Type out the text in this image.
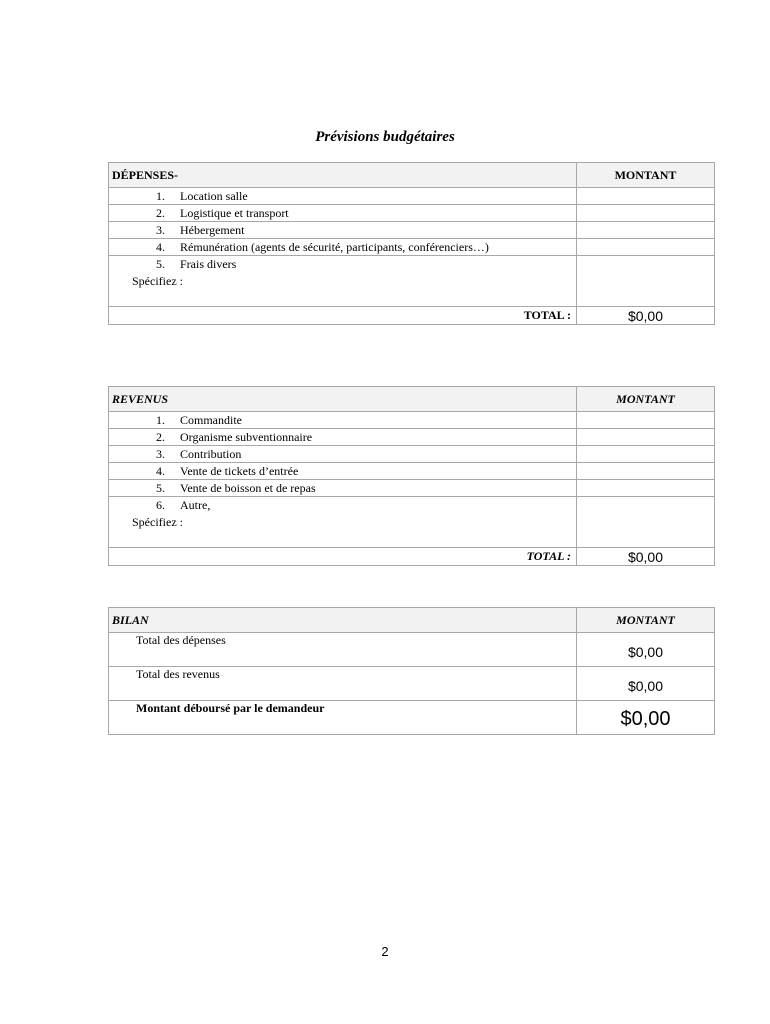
Prévisions budgétaires
DÉPENSES-	MONTANT
1. Location salle	
2. Logistique et transport	
3. Hébergement	
4. Rémunération (agents de sécurité, participants, conférenciers…)	
5. Frais divers
Spécifiez :	

TOTAL :	$0,00
REVENUS	MONTANT
1. Commandite	
2. Organisme subventionnaire	
3. Contribution	
4. Vente de tickets d’entrée	
5. Vente de boisson et de repas	
6. Autre,
Spécifiez :	

TOTAL :	$0,00
BILAN	MONTANT
Total des dépenses	$0,00
Total des revenus	$0,00
Montant déboursé par le demandeur	$0,00
2
